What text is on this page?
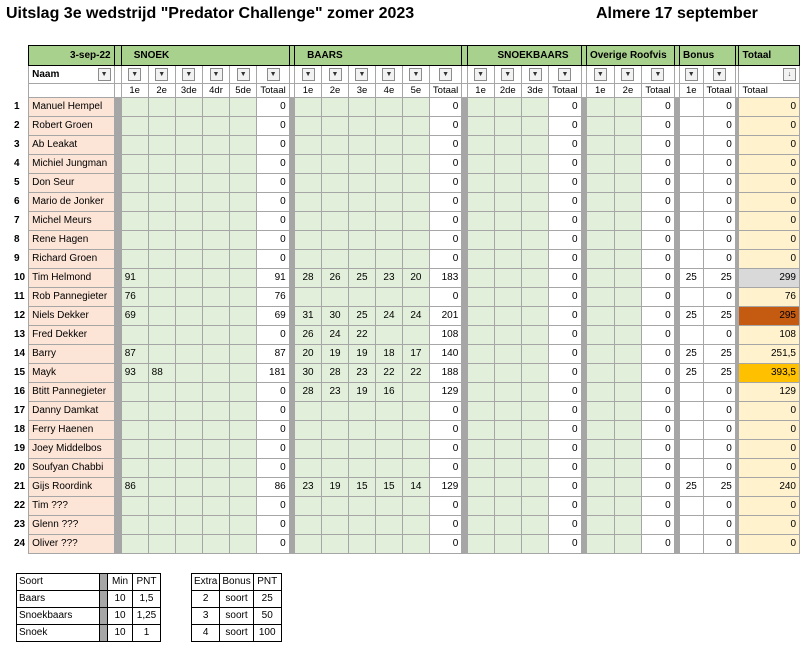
Uitslag 3e wedstrijd "Predator Challenge" zomer 2023	Almere 17 september
	3-sep-22		SNOEK							BAARS							SNOEKBAARS					Overige Roofvis				Bonus			Totaal
	Naam ▼		▼	▼	▼	▼	▼	▼		▼	▼	▼	▼	▼	▼		▼	▼	▼	▼		▼	▼	▼		▼	▼		↓
			1e	2e	3de	4dr	5de	Totaal		1e	2e	3e	4e	5e	Totaal		1e	2de	3de	Totaal		1e	2e	Totaal		1e	Totaal		Totaal
1	Manuel Hempel							0							0					0				0			0		0
2	Robert Groen							0							0					0				0			0		0
3	Ab Leakat							0							0					0				0			0		0
4	Michiel Jungman							0							0					0				0			0		0
5	Don Seur							0							0					0				0			0		0
6	Mario de Jonker							0							0					0				0			0		0
7	Michel Meurs							0							0					0				0			0		0
8	Rene Hagen							0							0					0				0			0		0
9	Richard Groen							0							0					0				0			0		0
10	Tim Helmond		91					91		28	26	25	23	20	183					0				0		25	25		299
11	Rob Pannegieter		76					76							0					0				0			0		76
12	Niels Dekker		69					69		31	30	25	24	24	201					0				0		25	25		295
13	Fred Dekker							0		26	24	22			108					0				0			0		108
14	Barry		87					87		20	19	19	18	17	140					0				0		25	25		251,5
15	Mayk		93	88				181		30	28	23	22	22	188					0				0		25	25		393,5
16	Btitt Pannegieter							0		28	23	19	16		129					0				0			0		129
17	Danny Damkat							0							0					0				0			0		0
18	Ferry Haenen							0							0					0				0			0		0
19	Joey Middelbos							0							0					0				0			0		0
20	Soufyan Chabbi							0							0					0				0			0		0
21	Gijs Roordink		86					86		23	19	15	15	14	129					0				0		25	25		240
22	Tim ???							0							0					0				0			0		0
23	Glenn ???							0							0					0				0			0		0
24	Oliver ???							0							0					0				0			0		0
Soort		Min	PNT
Baars		10	1,5
Snoekbaars		10	1,25
Snoek		10	1
Extra	Bonus	PNT
2	soort	25
3	soort	50
4	soort	100
